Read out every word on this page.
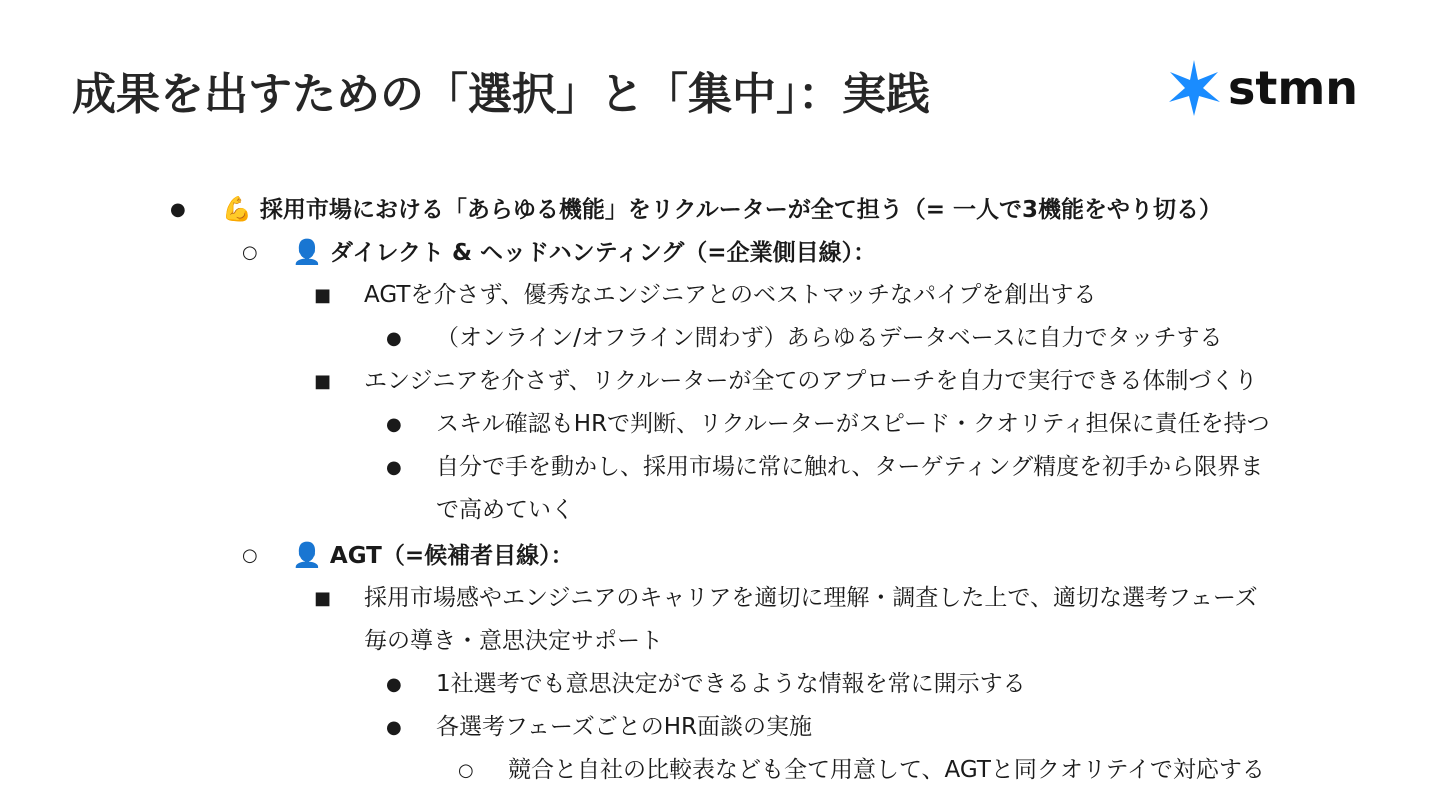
成果を出すための「選択」と「集中」：実践	stmn
● 💪 採用市場における「あらゆる機能」をリクルーターが全て担う（= 一人で3機能をやり切る）
○ 👤 ダイレクト & ヘッドハンティング（=企業側目線）：
■ AGTを介さず、優秀なエンジニアとのベストマッチなパイプを創出する
● （オンライン/オフライン問わず）あらゆるデータベースに自力でタッチする
■ エンジニアを介さず、リクルーターが全てのアプローチを自力で実行できる体制づくり
● スキル確認もHRで判断、リクルーターがスピード・クオリティ担保に責任を持つ
● 自分で手を動かし、採用市場に常に触れ、ターゲティング精度を初手から限界ま
で高めていく
○ 👤 AGT（=候補者目線）：
■ 採用市場感やエンジニアのキャリアを適切に理解・調査した上で、適切な選考フェーズ
毎の導き・意思決定サポート
● 1社選考でも意思決定ができるような情報を常に開示する
● 各選考フェーズごとのHR面談の実施
○ 競合と自社の比較表なども全て用意して、AGTと同クオリテイで対応する
